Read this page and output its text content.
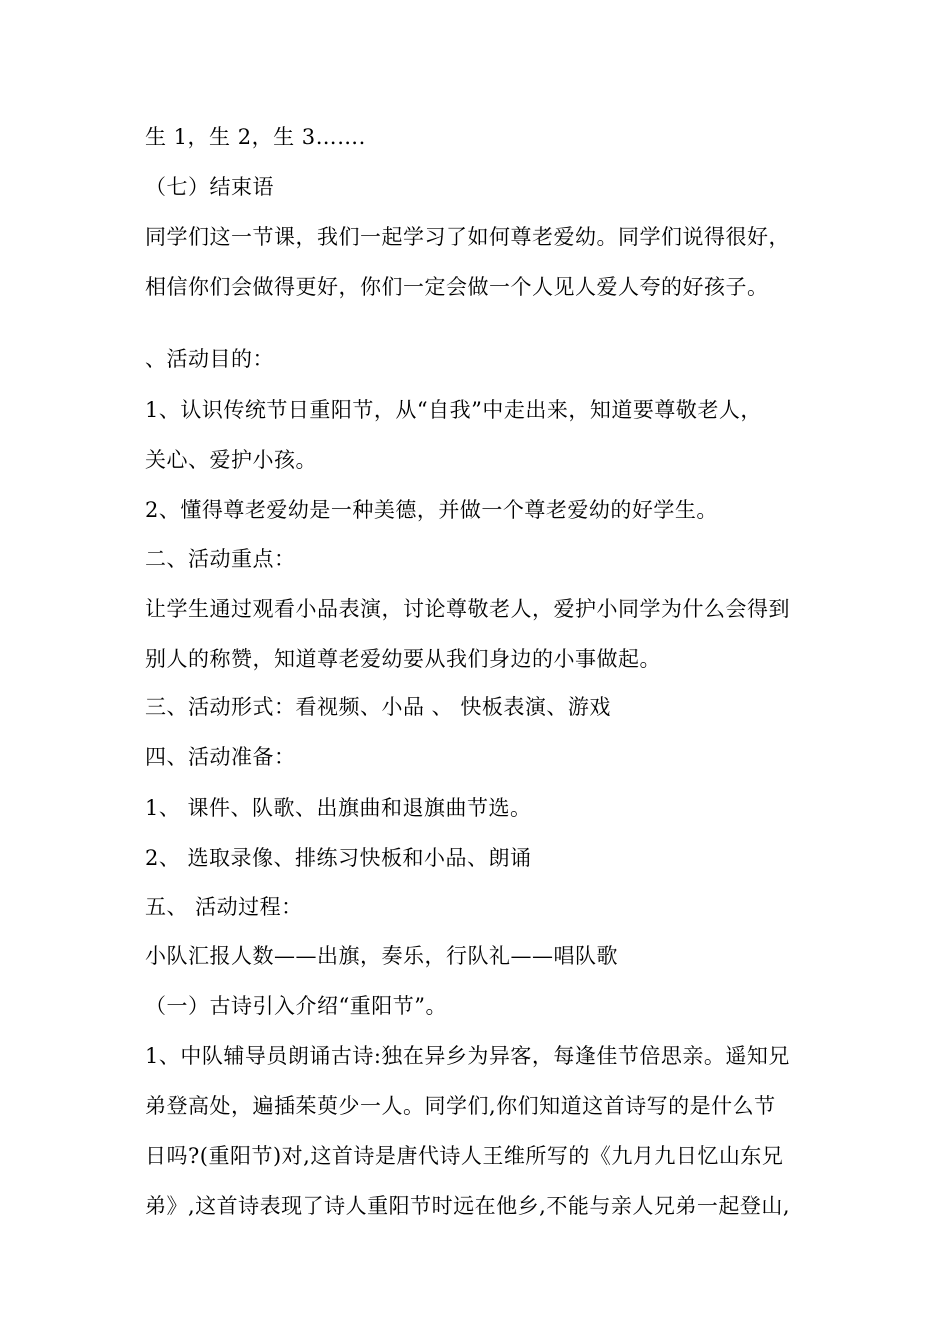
生 1，生 2，生 3…….
（七）结束语
同学们这一节课，我们一起学习了如何尊老爱幼。同学们说得很好，
相信你们会做得更好，你们一定会做一个人见人爱人夸的好孩子。
、活动目的：
1、认识传统节日重阳节，从“自我”中走出来，知道要尊敬老人，
关心、爱护小孩。
2、懂得尊老爱幼是一种美德，并做一个尊老爱幼的好学生。
二、活动重点：
让学生通过观看小品表演，讨论尊敬老人，爱护小同学为什么会得到
别人的称赞，知道尊老爱幼要从我们身边的小事做起。
三、活动形式：看视频、小品 、 快板表演、游戏
四、活动准备：
1、 课件、队歌、出旗曲和退旗曲节选。
2、 选取录像、排练习快板和小品、朗诵
五、 活动过程：
小队汇报人数——出旗，奏乐，行队礼——唱队歌
（一）古诗引入介绍“重阳节”。
1、中队辅导员朗诵古诗:独在异乡为异客，每逢佳节倍思亲。遥知兄
弟登高处，遍插茱萸少一人。同学们,你们知道这首诗写的是什么节
日吗?(重阳节)对,这首诗是唐代诗人王维所写的《九月九日忆山东兄
弟》,这首诗表现了诗人重阳节时远在他乡,不能与亲人兄弟一起登山,
